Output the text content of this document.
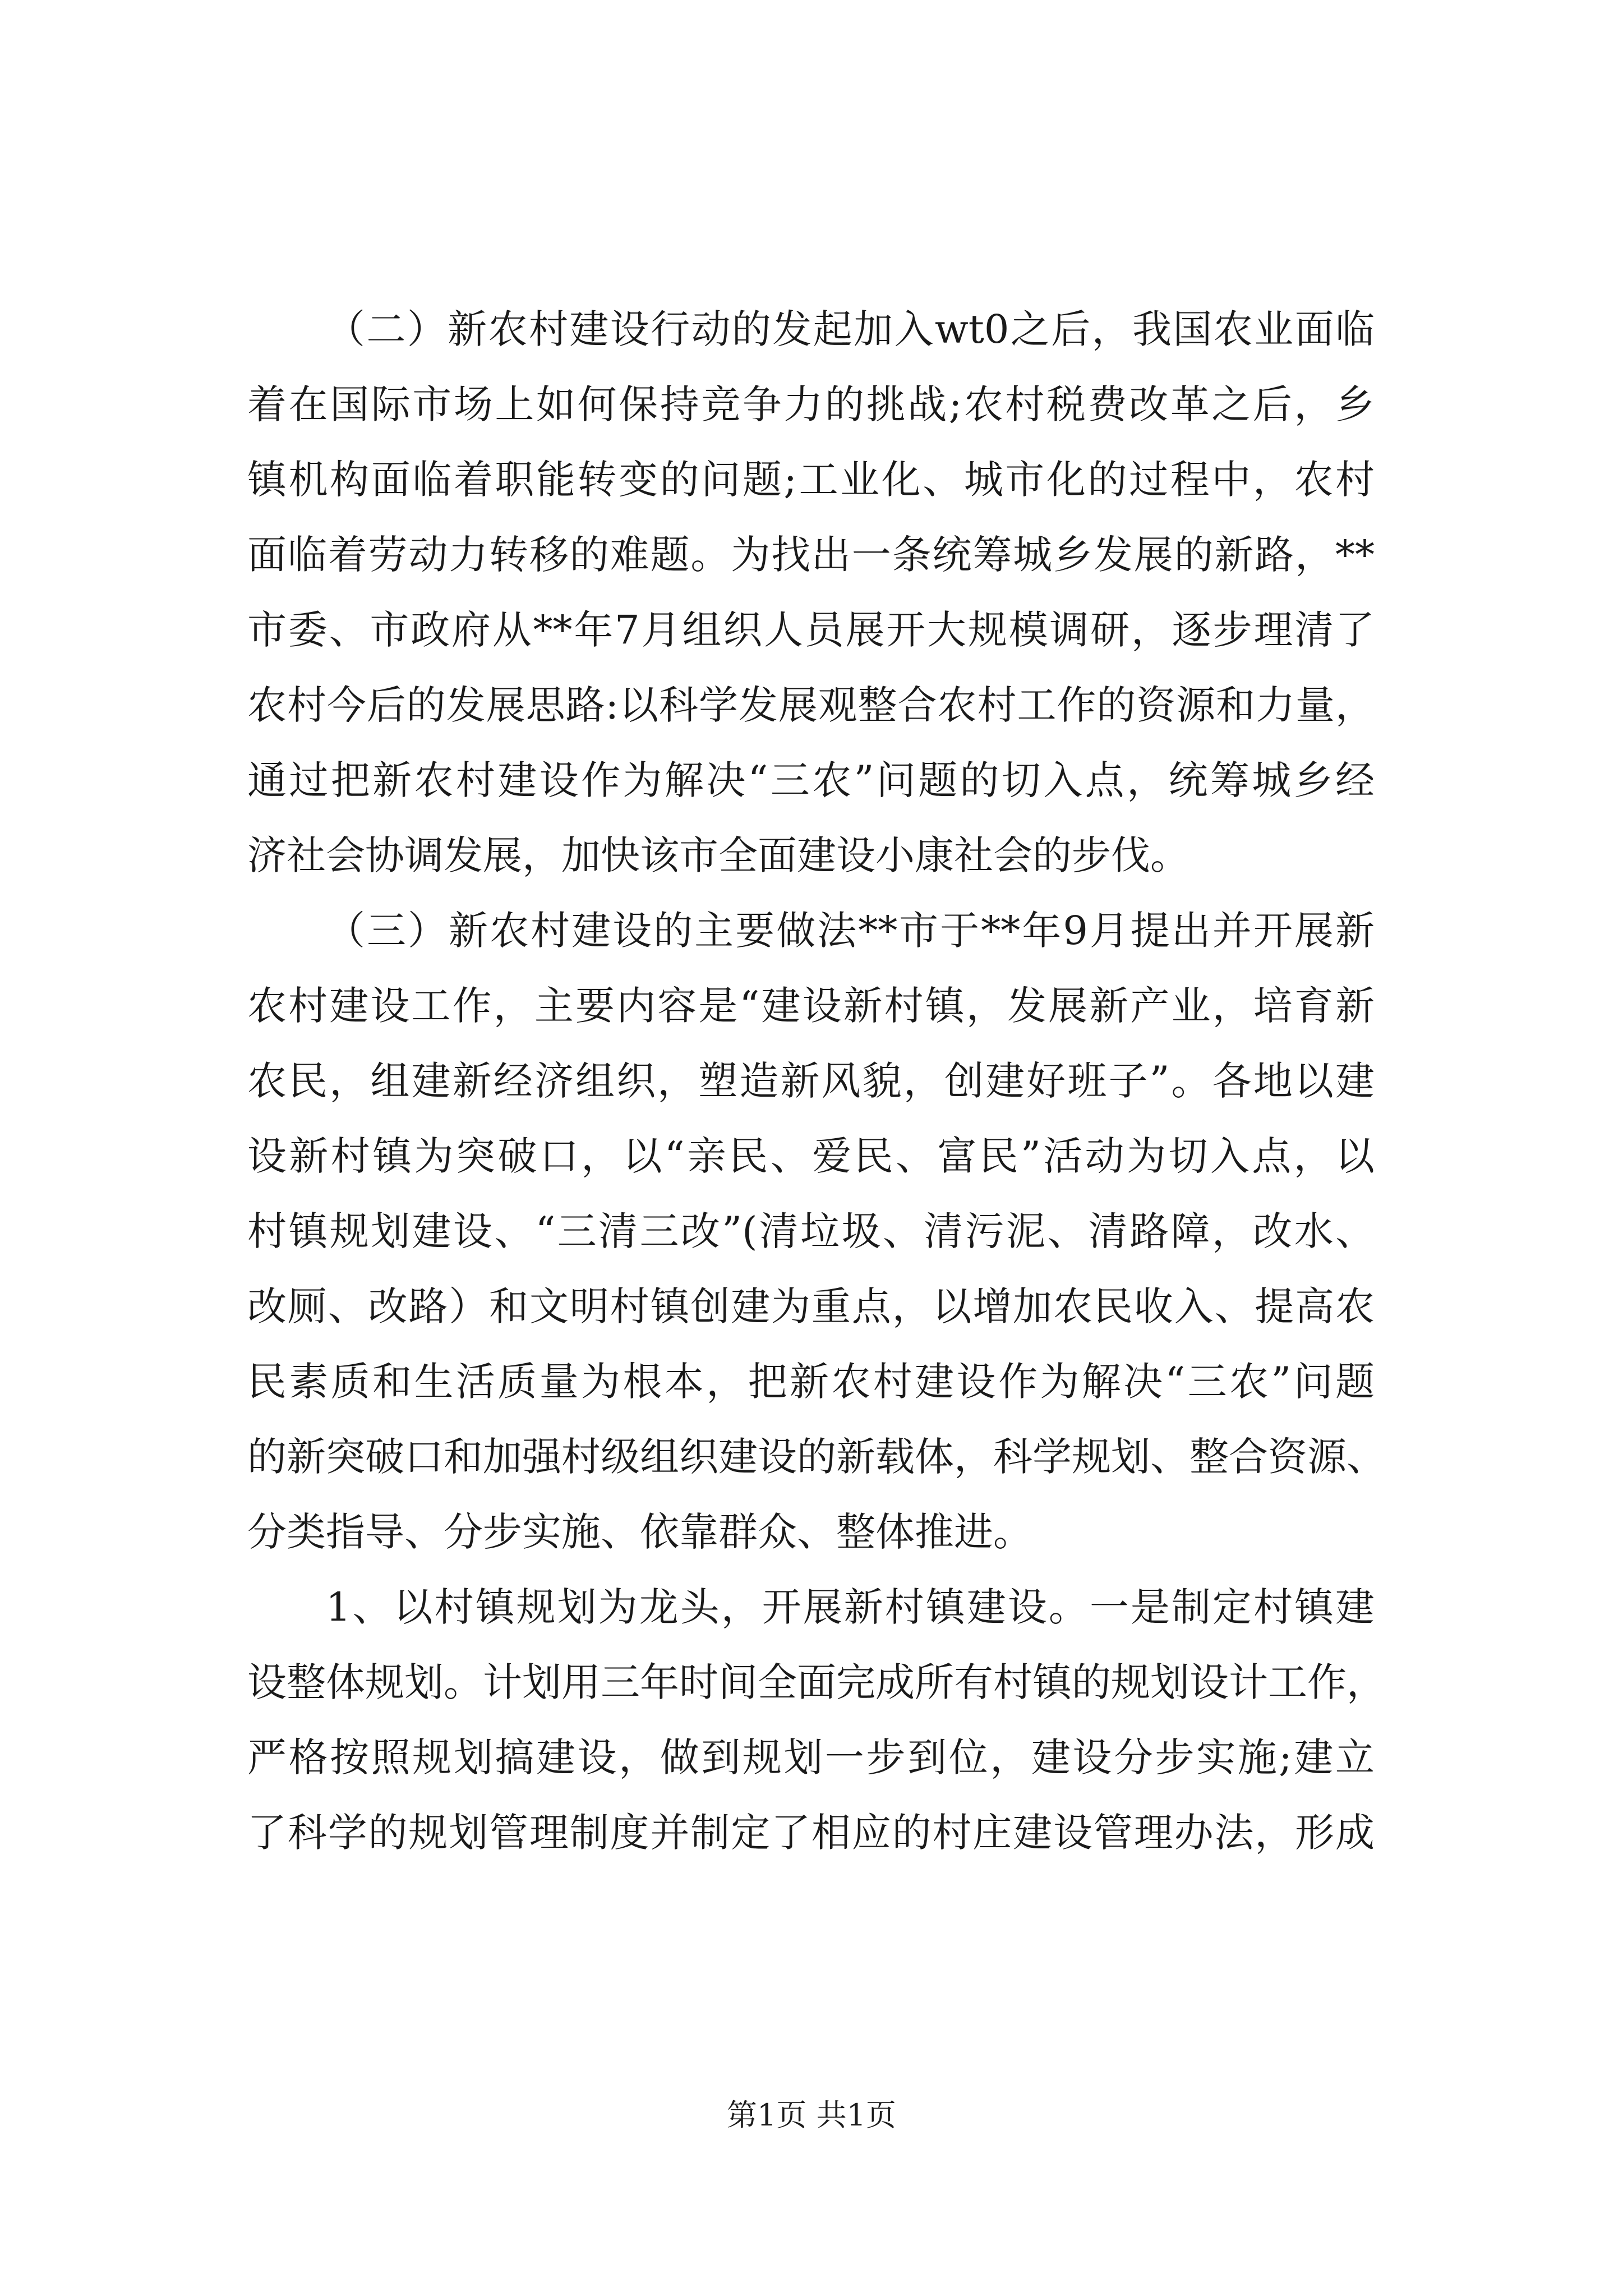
（二）新农村建设行动的发起加入wt0之后，我国农业面临
着在国际市场上如何保持竞争力的挑战;农村税费改革之后，乡
镇机构面临着职能转变的问题;工业化、城市化的过程中，农村
面临着劳动力转移的难题。为找出一条统筹城乡发展的新路，**
市委、市政府从**年7月组织人员展开大规模调研，逐步理清了
农村今后的发展思路:以科学发展观整合农村工作的资源和力量，
通过把新农村建设作为解决“三农”问题的切入点，统筹城乡经
济社会协调发展，加快该市全面建设小康社会的步伐。
（三）新农村建设的主要做法**市于**年9月提出并开展新
农村建设工作，主要内容是“建设新村镇，发展新产业，培育新
农民，组建新经济组织，塑造新风貌，创建好班子”。各地以建
设新村镇为突破口，以“亲民、爱民、富民”活动为切入点，以
村镇规划建设、“三清三改”(清垃圾、清污泥、清路障，改水、
改厕、改路）和文明村镇创建为重点，以增加农民收入、提高农
民素质和生活质量为根本，把新农村建设作为解决“三农”问题
的新突破口和加强村级组织建设的新载体，科学规划、整合资源、
分类指导、分步实施、依靠群众、整体推进。
1、以村镇规划为龙头，开展新村镇建设。一是制定村镇建
设整体规划。计划用三年时间全面完成所有村镇的规划设计工作，
严格按照规划搞建设，做到规划一步到位，建设分步实施;建立
了科学的规划管理制度并制定了相应的村庄建设管理办法，形成
第1页 共1页
